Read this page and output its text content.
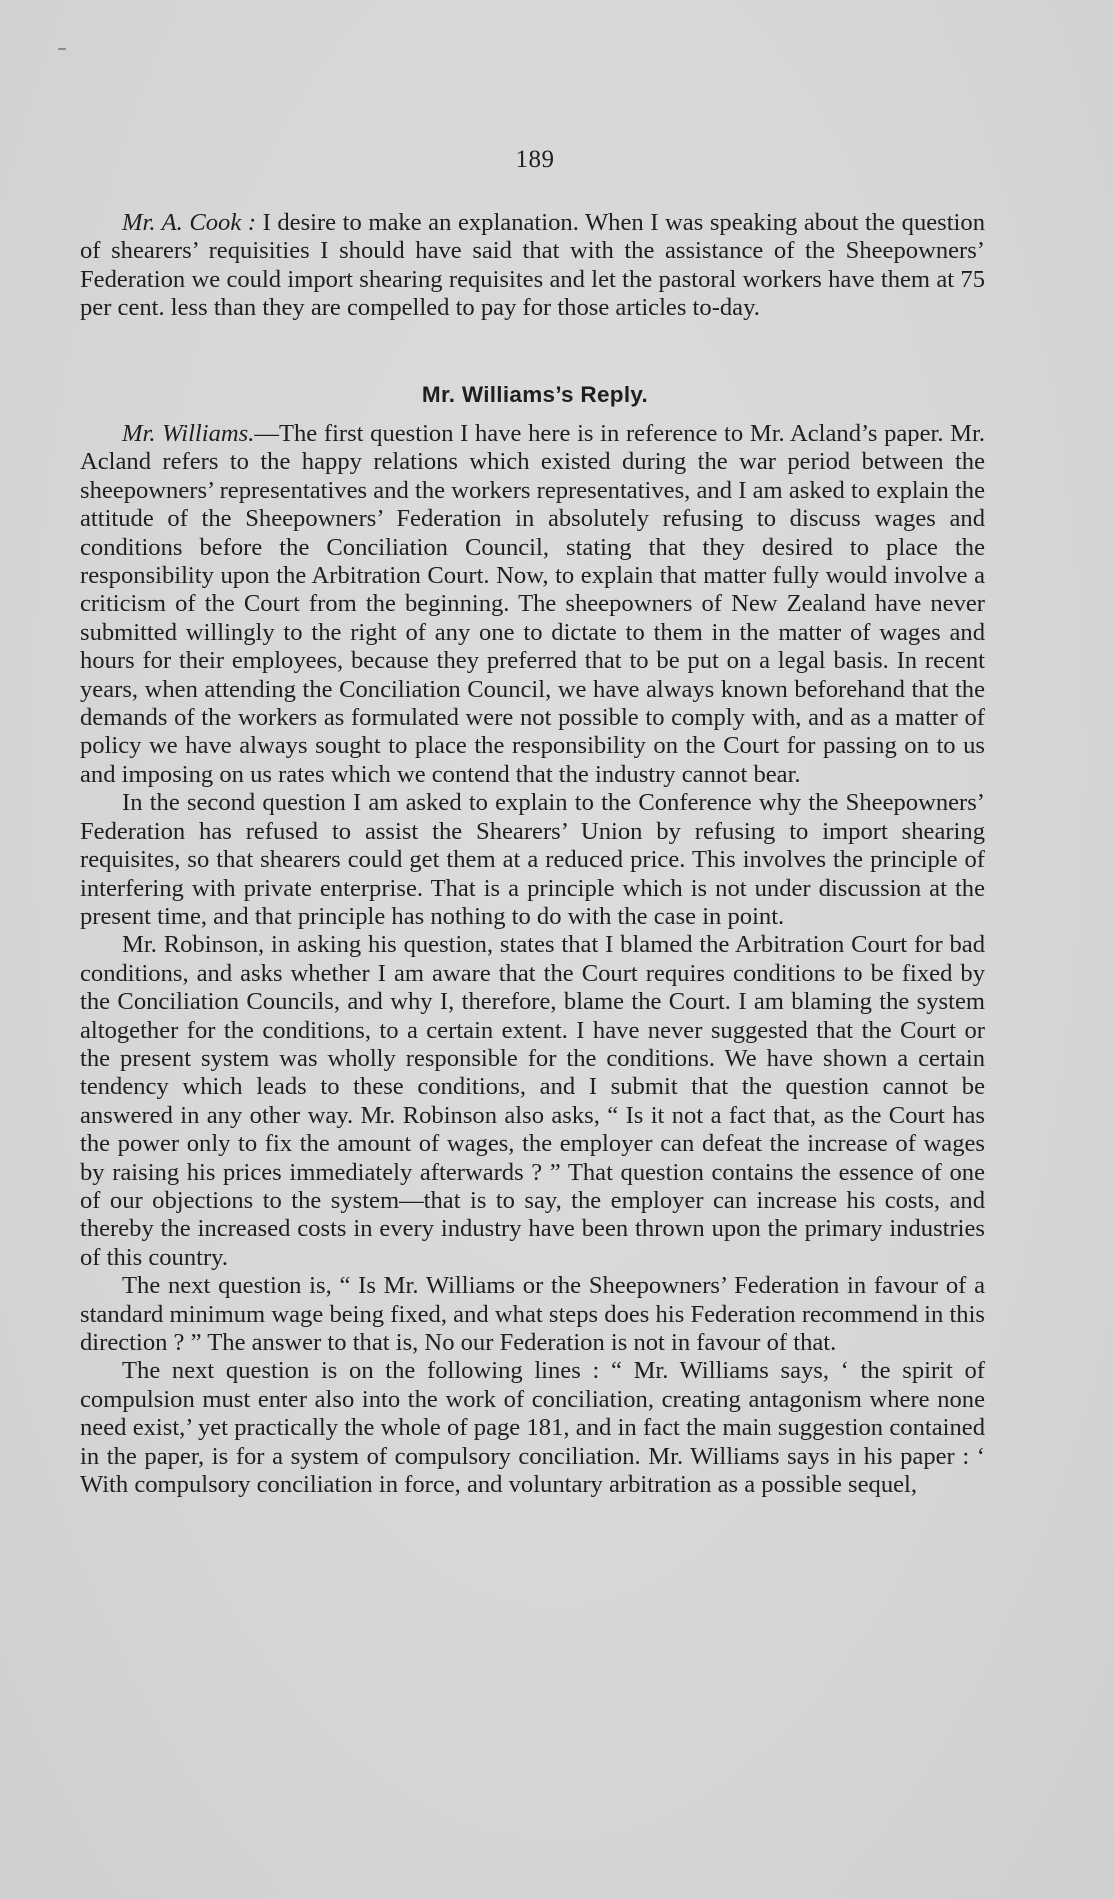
189

Mr. A. Cook : I desire to make an explanation. When I was speaking about the question of shearers’ requisities I should have said that with the assistance of the Sheepowners’ Federation we could import shearing requisites and let the pastoral workers have them at 75 per cent. less than they are compelled to pay for those articles to-day.

Mr. Williams’s Reply.

Mr. Williams.—The first question I have here is in reference to Mr. Acland’s paper. Mr. Acland refers to the happy relations which existed during the war period between the sheepowners’ representatives and the workers representatives, and I am asked to explain the attitude of the Sheepowners’ Federation in absolutely refusing to discuss wages and conditions before the Conciliation Council, stating that they desired to place the responsibility upon the Arbitration Court. Now, to explain that matter fully would involve a criticism of the Court from the beginning. The sheepowners of New Zealand have never submitted willingly to the right of any one to dictate to them in the matter of wages and hours for their employees, because they preferred that to be put on a legal basis. In recent years, when attending the Conciliation Council, we have always known beforehand that the demands of the workers as formulated were not possible to comply with, and as a matter of policy we have always sought to place the responsibility on the Court for passing on to us and imposing on us rates which we contend that the industry cannot bear.

In the second question I am asked to explain to the Conference why the Sheepowners’ Federation has refused to assist the Shearers’ Union by refusing to import shearing requisites, so that shearers could get them at a reduced price. This involves the principle of interfering with private enterprise. That is a principle which is not under discussion at the present time, and that principle has nothing to do with the case in point.

Mr. Robinson, in asking his question, states that I blamed the Arbitration Court for bad conditions, and asks whether I am aware that the Court requires conditions to be fixed by the Conciliation Councils, and why I, therefore, blame the Court. I am blaming the system altogether for the conditions, to a certain extent. I have never suggested that the Court or the present system was wholly responsible for the conditions. We have shown a certain tendency which leads to these conditions, and I submit that the question cannot be answered in any other way. Mr. Robinson also asks, “ Is it not a fact that, as the Court has the power only to fix the amount of wages, the employer can defeat the increase of wages by raising his prices immediately afterwards ? ” That question contains the essence of one of our objections to the system—that is to say, the employer can increase his costs, and thereby the increased costs in every industry have been thrown upon the primary industries of this country.

The next question is, “ Is Mr. Williams or the Sheepowners’ Federation in favour of a standard minimum wage being fixed, and what steps does his Federation recommend in this direction ? ” The answer to that is, No our Federation is not in favour of that.

The next question is on the following lines : “ Mr. Williams says, ‘ the spirit of compulsion must enter also into the work of conciliation, creating antagonism where none need exist,’ yet practically the whole of page 181, and in fact the main suggestion contained in the paper, is for a system of compulsory conciliation. Mr. Williams says in his paper : ‘ With compulsory conciliation in force, and voluntary arbitration as a possible sequel,
